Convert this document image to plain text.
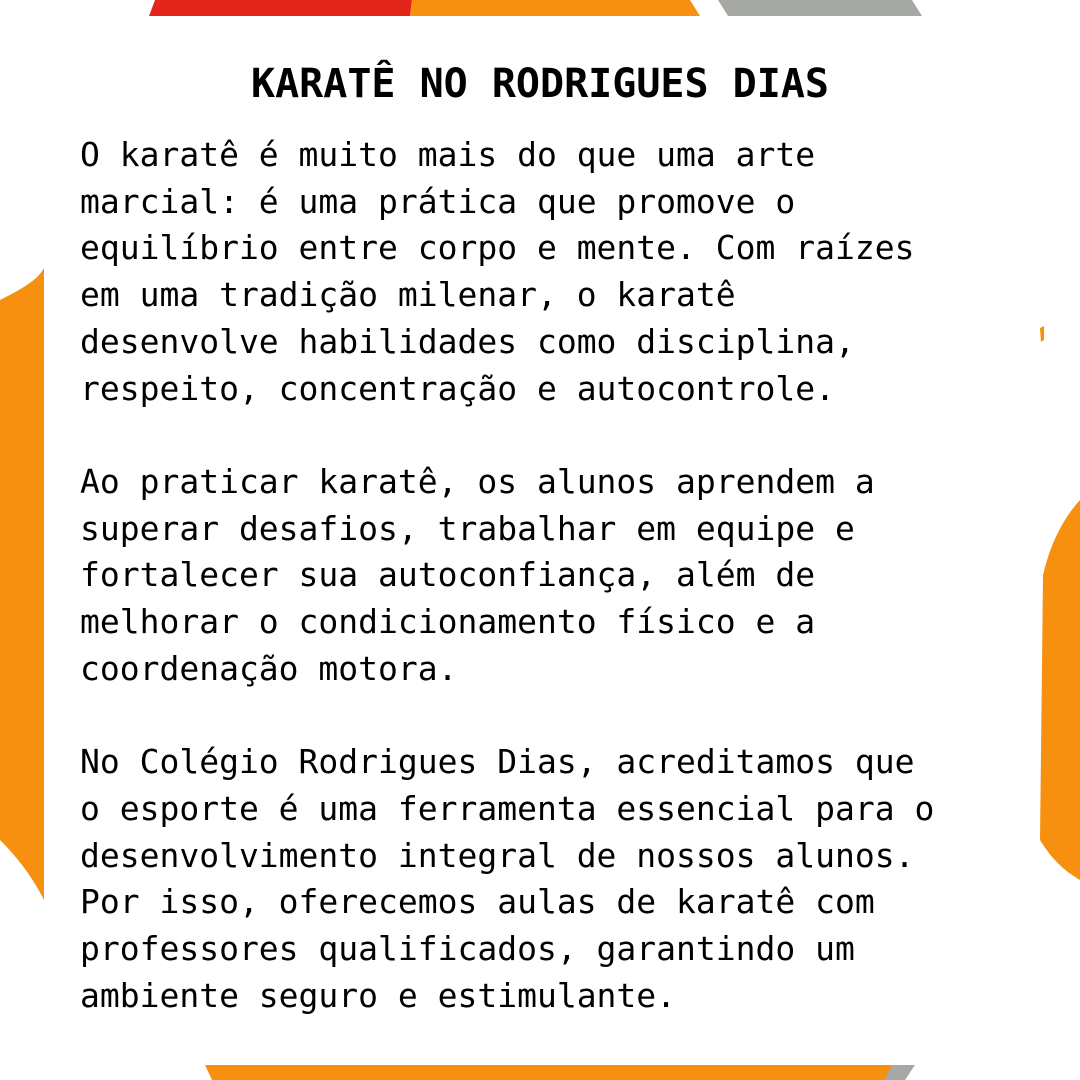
KARATÊ NO RODRIGUES DIAS

O karatê é muito mais do que uma arte
marcial: é uma prática que promove o
equilíbrio entre corpo e mente. Com raízes
em uma tradição milenar, o karatê
desenvolve habilidades como disciplina,
respeito, concentração e autocontrole.

Ao praticar karatê, os alunos aprendem a
superar desafios, trabalhar em equipe e
fortalecer sua autoconfiança, além de
melhorar o condicionamento físico e a
coordenação motora.

No Colégio Rodrigues Dias, acreditamos que
o esporte é uma ferramenta essencial para o
desenvolvimento integral de nossos alunos.
Por isso, oferecemos aulas de karatê com
professores qualificados, garantindo um
ambiente seguro e estimulante.
